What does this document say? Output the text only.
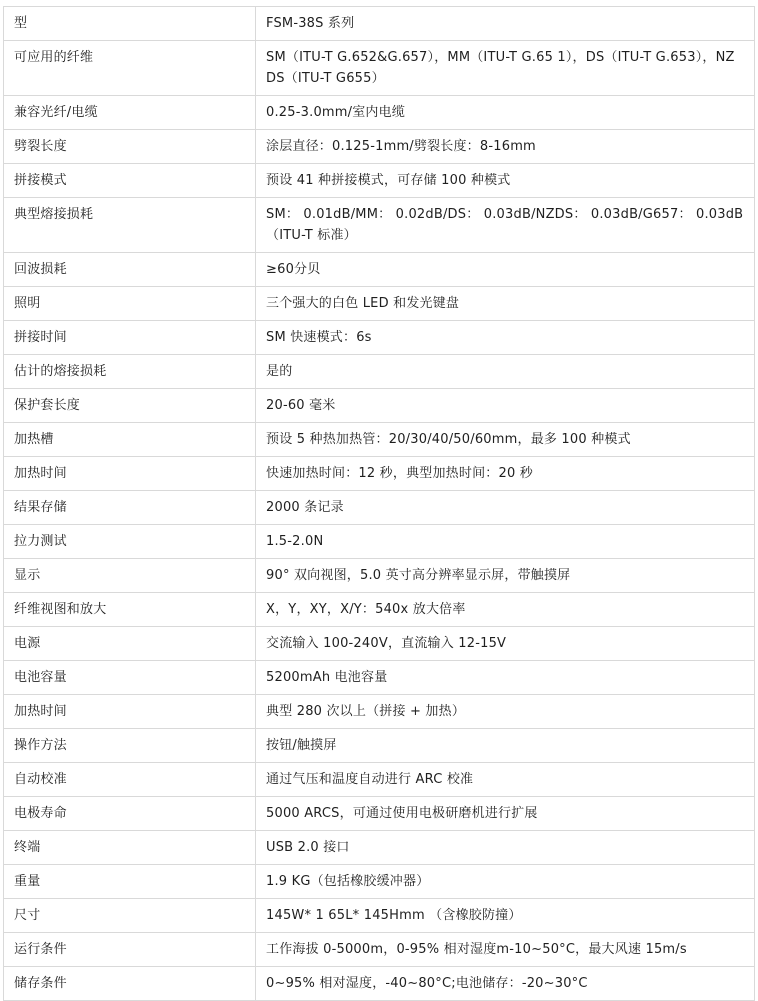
型	FSM-38S 系列
可应用的纤维	SM（ITU-T G.652&G.657），MM（ITU-T G.65 1），DS（ITU-T G.653），NZDS（ITU-T G655）
兼容光纤/电缆	0.25-3.0mm/室内电缆
劈裂长度	涂层直径：0.125-1mm/劈裂长度：8-16mm
拼接模式	预设 41 种拼接模式，可存储 100 种模式
典型熔接损耗	SM： 0.01dB/MM： 0.02dB/DS： 0.03dB/NZDS： 0.03dB/G657： 0.03dB（ITU-T 标准）
回波损耗	≥60分贝
照明	三个强大的白色 LED 和发光键盘
拼接时间	SM 快速模式：6s
估计的熔接损耗	是的
保护套长度	20-60 毫米
加热槽	预设 5 种热加热管：20/30/40/50/60mm，最多 100 种模式
加热时间	快速加热时间：12 秒，典型加热时间：20 秒
结果存储	2000 条记录
拉力测试	1.5-2.0N
显示	90° 双向视图，5.0 英寸高分辨率显示屏，带触摸屏
纤维视图和放大	X，Y，XY，X/Y：540x 放大倍率
电源	交流输入 100-240V，直流输入 12-15V
电池容量	5200mAh 电池容量
加热时间	典型 280 次以上（拼接 + 加热）
操作方法	按钮/触摸屏
自动校准	通过气压和温度自动进行 ARC 校准
电极寿命	5000 ARCS，可通过使用电极研磨机进行扩展
终端	USB 2.0 接口
重量	1.9 KG（包括橡胶缓冲器）
尺寸	145W* 1 65L* 145Hmm （含橡胶防撞）
运行条件	工作海拔 0-5000m，0-95% 相对湿度m-10~50°C，最大风速 15m/s
储存条件	0~95% 相对湿度，-40~80°C;电池储存：-20~30°C
